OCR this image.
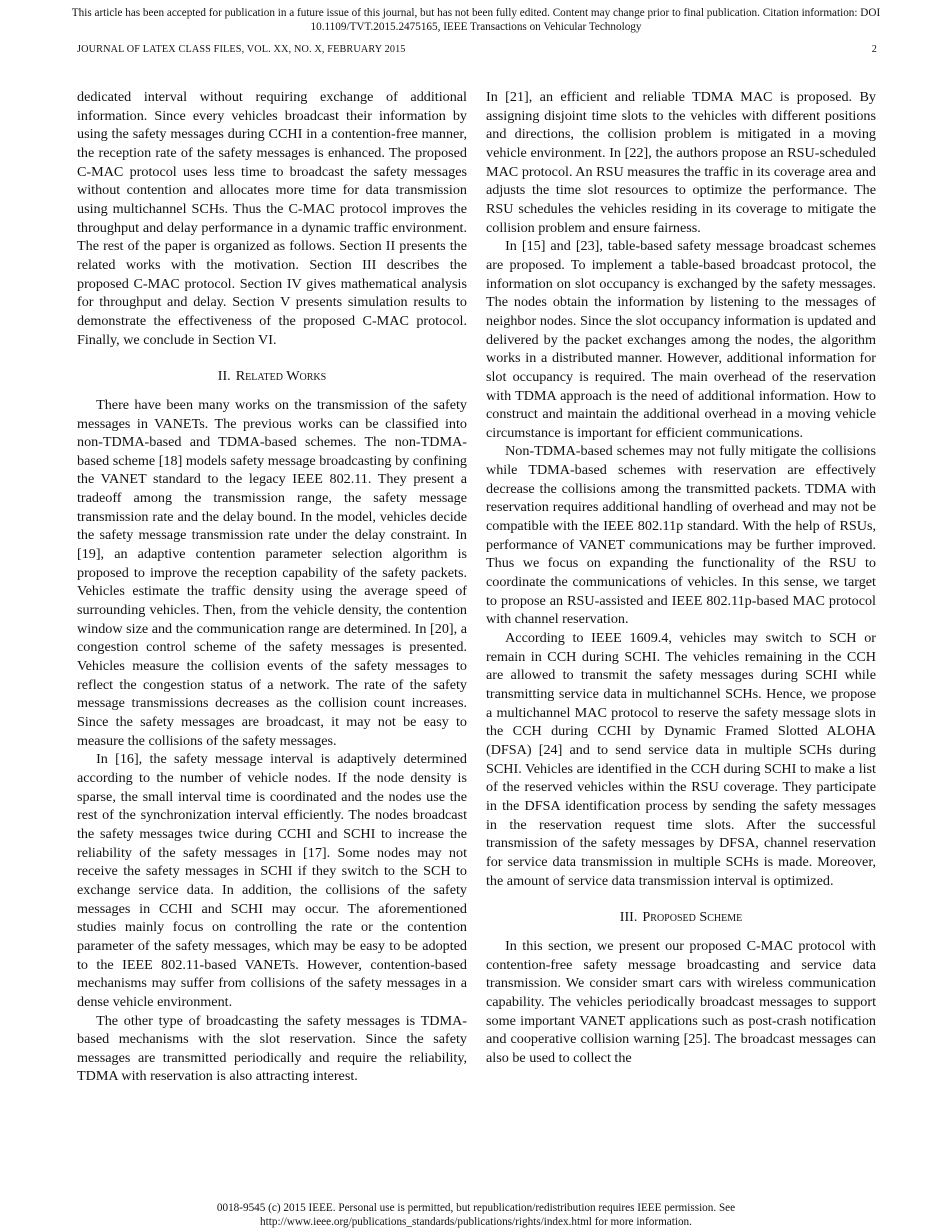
This article has been accepted for publication in a future issue of this journal, but has not been fully edited. Content may change prior to final publication. Citation information: DOI
10.1109/TVT.2015.2475165, IEEE Transactions on Vehicular Technology
JOURNAL OF LATEX CLASS FILES, VOL. XX, NO. X, FEBRUARY 2015	2

dedicated interval without requiring exchange of additional information. Since every vehicles broadcast their information by using the safety messages during CCHI in a contention-free manner, the reception rate of the safety messages is enhanced. The proposed C-MAC protocol uses less time to broadcast the safety messages without contention and allocates more time for data transmission using multichannel SCHs. Thus the C-MAC protocol improves the throughput and delay performance in a dynamic traffic environment. The rest of the paper is organized as follows. Section II presents the related works with the motivation. Section III describes the proposed C-MAC protocol. Section IV gives mathematical analysis for throughput and delay. Section V presents simulation results to demonstrate the effectiveness of the proposed C-MAC protocol. Finally, we conclude in Section VI.

II. Related Works

There have been many works on the transmission of the safety messages in VANETs. The previous works can be classified into non-TDMA-based and TDMA-based schemes. The non-TDMA-based scheme [18] models safety message broadcasting by confining the VANET standard to the legacy IEEE 802.11. They present a tradeoff among the transmission range, the safety message transmission rate and the delay bound. In the model, vehicles decide the safety message transmission rate under the delay constraint. In [19], an adaptive contention parameter selection algorithm is proposed to improve the reception capability of the safety packets. Vehicles estimate the traffic density using the average speed of surrounding vehicles. Then, from the vehicle density, the contention window size and the communication range are determined. In [20], a congestion control scheme of the safety messages is presented. Vehicles measure the collision events of the safety messages to reflect the congestion status of a network. The rate of the safety message transmissions decreases as the collision count increases. Since the safety messages are broadcast, it may not be easy to measure the collisions of the safety messages.

In [16], the safety message interval is adaptively determined according to the number of vehicle nodes. If the node density is sparse, the small interval time is coordinated and the nodes use the rest of the synchronization interval efficiently. The nodes broadcast the safety messages twice during CCHI and SCHI to increase the reliability of the safety messages in [17]. Some nodes may not receive the safety messages in SCHI if they switch to the SCH to exchange service data. In addition, the collisions of the safety messages in CCHI and SCHI may occur. The aforementioned studies mainly focus on controlling the rate or the contention parameter of the safety messages, which may be easy to be adopted to the IEEE 802.11-based VANETs. However, contention-based mechanisms may suffer from collisions of the safety messages in a dense vehicle environment.

The other type of broadcasting the safety messages is TDMA-based mechanisms with the slot reservation. Since the safety messages are transmitted periodically and require the reliability, TDMA with reservation is also attracting interest.

In [21], an efficient and reliable TDMA MAC is proposed. By assigning disjoint time slots to the vehicles with different positions and directions, the collision problem is mitigated in a moving vehicle environment. In [22], the authors propose an RSU-scheduled MAC protocol. An RSU measures the traffic in its coverage area and adjusts the time slot resources to optimize the performance. The RSU schedules the vehicles residing in its coverage to mitigate the collision problem and ensure fairness.

In [15] and [23], table-based safety message broadcast schemes are proposed. To implement a table-based broadcast protocol, the information on slot occupancy is exchanged by the safety messages. The nodes obtain the information by listening to the messages of neighbor nodes. Since the slot occupancy information is updated and delivered by the packet exchanges among the nodes, the algorithm works in a distributed manner. However, additional information for slot occupancy is required. The main overhead of the reservation with TDMA approach is the need of additional information. How to construct and maintain the additional overhead in a moving vehicle circumstance is important for efficient communications.

Non-TDMA-based schemes may not fully mitigate the collisions while TDMA-based schemes with reservation are effectively decrease the collisions among the transmitted packets. TDMA with reservation requires additional handling of overhead and may not be compatible with the IEEE 802.11p standard. With the help of RSUs, performance of VANET communications may be further improved. Thus we focus on expanding the functionality of the RSU to coordinate the communications of vehicles. In this sense, we target to propose an RSU-assisted and IEEE 802.11p-based MAC protocol with channel reservation.

According to IEEE 1609.4, vehicles may switch to SCH or remain in CCH during SCHI. The vehicles remaining in the CCH are allowed to transmit the safety messages during SCHI while transmitting service data in multichannel SCHs. Hence, we propose a multichannel MAC protocol to reserve the safety message slots in the CCH during CCHI by Dynamic Framed Slotted ALOHA (DFSA) [24] and to send service data in multiple SCHs during SCHI. Vehicles are identified in the CCH during SCHI to make a list of the reserved vehicles within the RSU coverage. They participate in the DFSA identification process by sending the safety messages in the reservation request time slots. After the successful transmission of the safety messages by DFSA, channel reservation for service data transmission in multiple SCHs is made. Moreover, the amount of service data transmission interval is optimized.

III. Proposed Scheme

In this section, we present our proposed C-MAC protocol with contention-free safety message broadcasting and service data transmission. We consider smart cars with wireless communication capability. The vehicles periodically broadcast messages to support some important VANET applications such as post-crash notification and cooperative collision warning [25]. The broadcast messages can also be used to collect the

0018-9545 (c) 2015 IEEE. Personal use is permitted, but republication/redistribution requires IEEE permission. See
http://www.ieee.org/publications_standards/publications/rights/index.html for more information.
